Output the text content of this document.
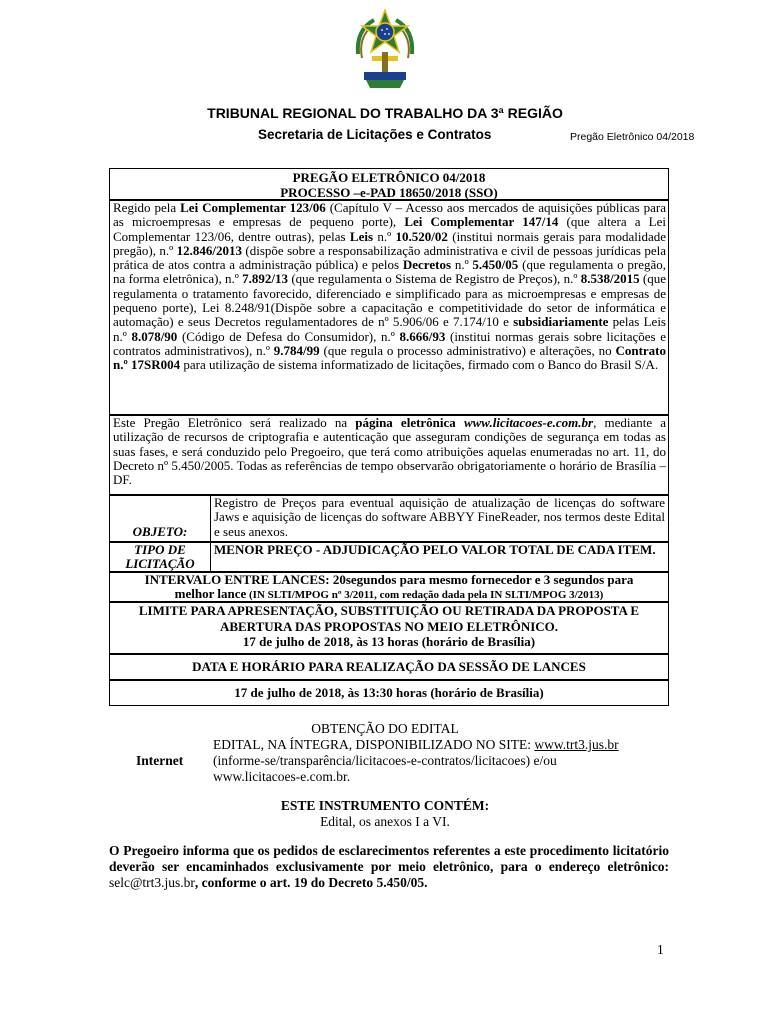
TRIBUNAL REGIONAL DO TRABALHO DA 3ª REGIÃO
Secretaria de Licitações e Contratos	Pregão Eletrônico 04/2018
PREGÃO ELETRÔNICO 04/2018
PROCESSO –e-PAD 18650/2018 (SSO)
Regido pela Lei Complementar 123/06 (Capítulo V – Acesso aos mercados de aquisições públicas para as microempresas e empresas de pequeno porte), Lei Complementar 147/14 (que altera a Lei Complementar 123/06, dentre outras), pelas Leis n.º 10.520/02 (institui normais gerais para modalidade pregão), n.º 12.846/2013 (dispõe sobre a responsabilização administrativa e civil de pessoas jurídicas pela prática de atos contra a administração pública) e pelos Decretos n.º 5.450/05 (que regulamenta o pregão, na forma eletrônica), n.º 7.892/13 (que regulamenta o Sistema de Registro de Preços), n.º 8.538/2015 (que regulamenta o tratamento favorecido, diferenciado e simplificado para as microempresas e empresas de pequeno porte), Lei 8.248/91(Dispõe sobre a capacitação e competitividade do setor de informática e automação) e seus Decretos regulamentadores de nº 5.906/06 e 7.174/10 e subsidiariamente pelas Leis n.º 8.078/90 (Código de Defesa do Consumidor), n.º 8.666/93 (institui normas gerais sobre licitações e contratos administrativos), n.º 9.784/99 (que regula o processo administrativo) e alterações, no Contrato n.º 17SR004 para utilização de sistema informatizado de licitações, firmado com o Banco do Brasil S/A.
Este Pregão Eletrônico será realizado na página eletrônica www.licitacoes-e.com.br, mediante a utilização de recursos de criptografia e autenticação que asseguram condições de segurança em todas as suas fases, e será conduzido pelo Pregoeiro, que terá como atribuições aquelas enumeradas no art. 11, do Decreto nº 5.450/2005. Todas as referências de tempo observarão obrigatoriamente o horário de Brasília – DF.
OBJETO:
Registro de Preços para eventual aquisição de atualização de licenças do software Jaws e aquisição de licenças do software ABBYY FineReader, nos termos deste Edital e seus anexos.
TIPO DE
LICITAÇÃO
MENOR PREÇO - ADJUDICAÇÃO PELO VALOR TOTAL DE CADA ITEM.
INTERVALO ENTRE LANCES: 20segundos para mesmo fornecedor e 3 segundos para
melhor lance (IN SLTI/MPOG nº 3/2011, com redação dada pela IN SLTI/MPOG 3/2013)
LIMITE PARA APRESENTAÇÃO, SUBSTITUIÇÃO OU RETIRADA DA PROPOSTA E
ABERTURA DAS PROPOSTAS NO MEIO ELETRÔNICO.
17 de julho de 2018, às 13 horas (horário de Brasília)
DATA E HORÁRIO PARA REALIZAÇÃO DA SESSÃO DE LANCES
17 de julho de 2018, às 13:30 horas (horário de Brasília)
OBTENÇÃO DO EDITAL
Internet
EDITAL, NA ÍNTEGRA, DISPONIBILIZADO NO SITE: www.trt3.jus.br
(informe-se/transparência/licitacoes-e-contratos/licitacoes) e/ou
www.licitacoes-e.com.br.
ESTE INSTRUMENTO CONTÉM:
Edital, os anexos I a VI.
O Pregoeiro informa que os pedidos de esclarecimentos referentes a este procedimento licitatório deverão ser encaminhados exclusivamente por meio eletrônico, para o endereço eletrônico: selc@trt3.jus.br, conforme o art. 19 do Decreto 5.450/05.
1
